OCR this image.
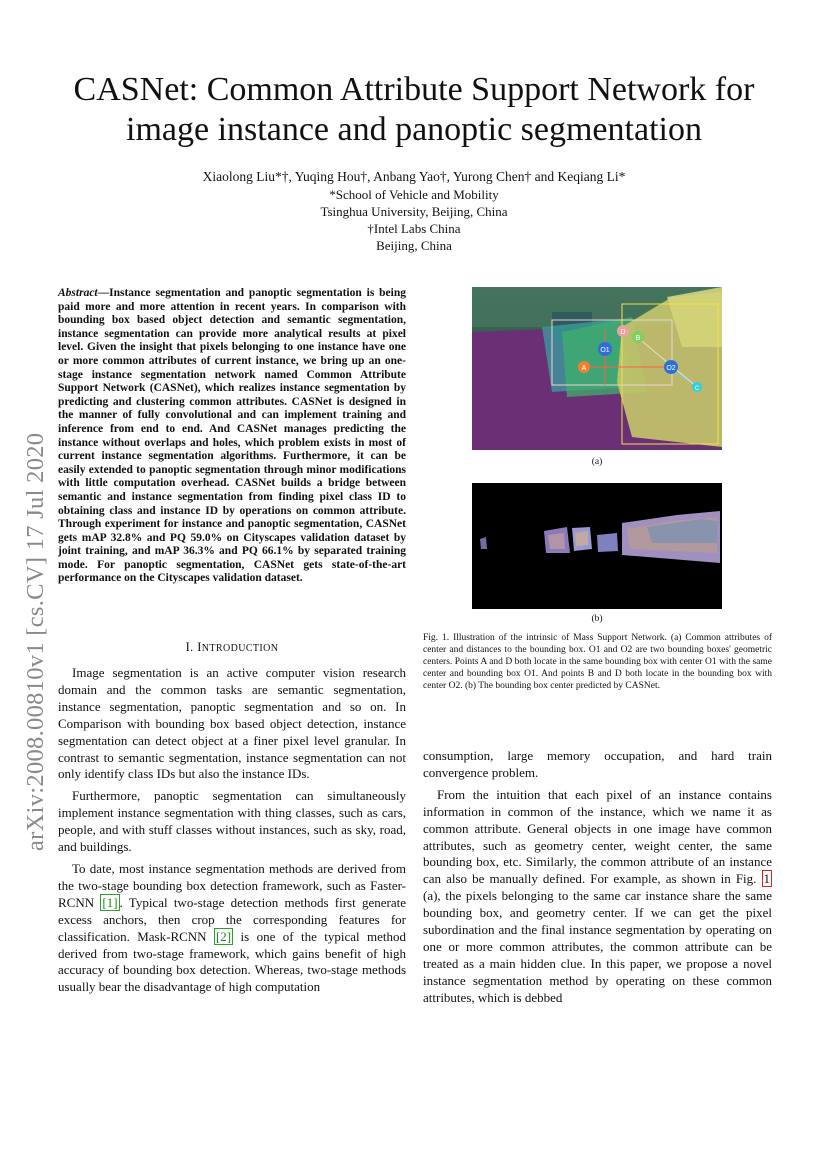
arXiv:2008.00810v1 [cs.CV] 17 Jul 2020
CASNet: Common Attribute Support Network for
image instance and panoptic segmentation
Xiaolong Liu*†, Yuqing Hou†, Anbang Yao†, Yurong Chen† and Keqiang Li*
*School of Vehicle and Mobility
Tsinghua University, Beijing, China
†Intel Labs China
Beijing, China
Abstract—Instance segmentation and panoptic segmentation is being paid more and more attention in recent years. In comparison with bounding box based object detection and semantic segmentation, instance segmentation can provide more analytical results at pixel level. Given the insight that pixels belonging to one instance have one or more common attributes of current instance, we bring up an one-stage instance segmentation network named Common Attribute Support Network (CASNet), which realizes instance segmentation by predicting and clustering common attributes. CASNet is designed in the manner of fully convolutional and can implement training and inference from end to end. And CASNet manages predicting the instance without overlaps and holes, which problem exists in most of current instance segmentation algorithms. Furthermore, it can be easily extended to panoptic segmentation through minor modifications with little computation overhead. CASNet builds a bridge between semantic and instance segmentation from finding pixel class ID to obtaining class and instance ID by operations on common attribute. Through experiment for instance and panoptic segmentation, CASNet gets mAP 32.8% and PQ 59.0% on Cityscapes validation dataset by joint training, and mAP 36.3% and PQ 66.1% by separated training mode. For panoptic segmentation, CASNet gets state-of-the-art performance on the Cityscapes validation dataset.
I. INTRODUCTION

Image segmentation is an active computer vision research domain and the common tasks are semantic segmentation, instance segmentation, panoptic segmentation and so on. In Comparison with bounding box based object detection, instance segmentation can detect object at a finer pixel level granular. In contrast to semantic segmentation, instance segmentation can not only identify class IDs but also the instance IDs.

Furthermore, panoptic segmentation can simultaneously implement instance segmentation with thing classes, such as cars, people, and with stuff classes without instances, such as sky, road, and buildings.

To date, most instance segmentation methods are derived from the two-stage bounding box detection framework, such as Faster-RCNN [1] . Typical two-stage detection methods first generate excess anchors, then crop the corresponding features for classification. Mask-RCNN [2] is one of the typical method derived from two-stage framework, which gains benefit of high accuracy of bounding box detection. Whereas, two-stage methods usually bear the disadvantage of high computation

O1
O2
A
B
D
C
(a)
(b)
Fig. 1. Illustration of the intrinsic of Mass Support Network. (a) Common attributes of center and distances to the bounding box. O1 and O2 are two bounding boxes' geometric centers. Points A and D both locate in the same bounding box with center O1 with the same center and bounding box O1. And points B and D both locate in the bounding box with center O2. (b) The bounding box center predicted by CASNet.

consumption, large memory occupation, and hard train convergence problem.

From the intuition that each pixel of an instance contains information in common of the instance, which we name it as common attribute. General objects in one image have common attributes, such as geometry center, weight center, the same bounding box, etc. Similarly, the common attribute of an instance can also be manually defined. For example, as shown in Fig. 1 (a), the pixels belonging to the same car instance share the same bounding box, and geometry center. If we can get the pixel subordination and the final instance segmentation by operating on one or more common attributes, the common attribute can be treated as a main hidden clue. In this paper, we propose a novel instance segmentation method by operating on these common attributes, which is debbed
